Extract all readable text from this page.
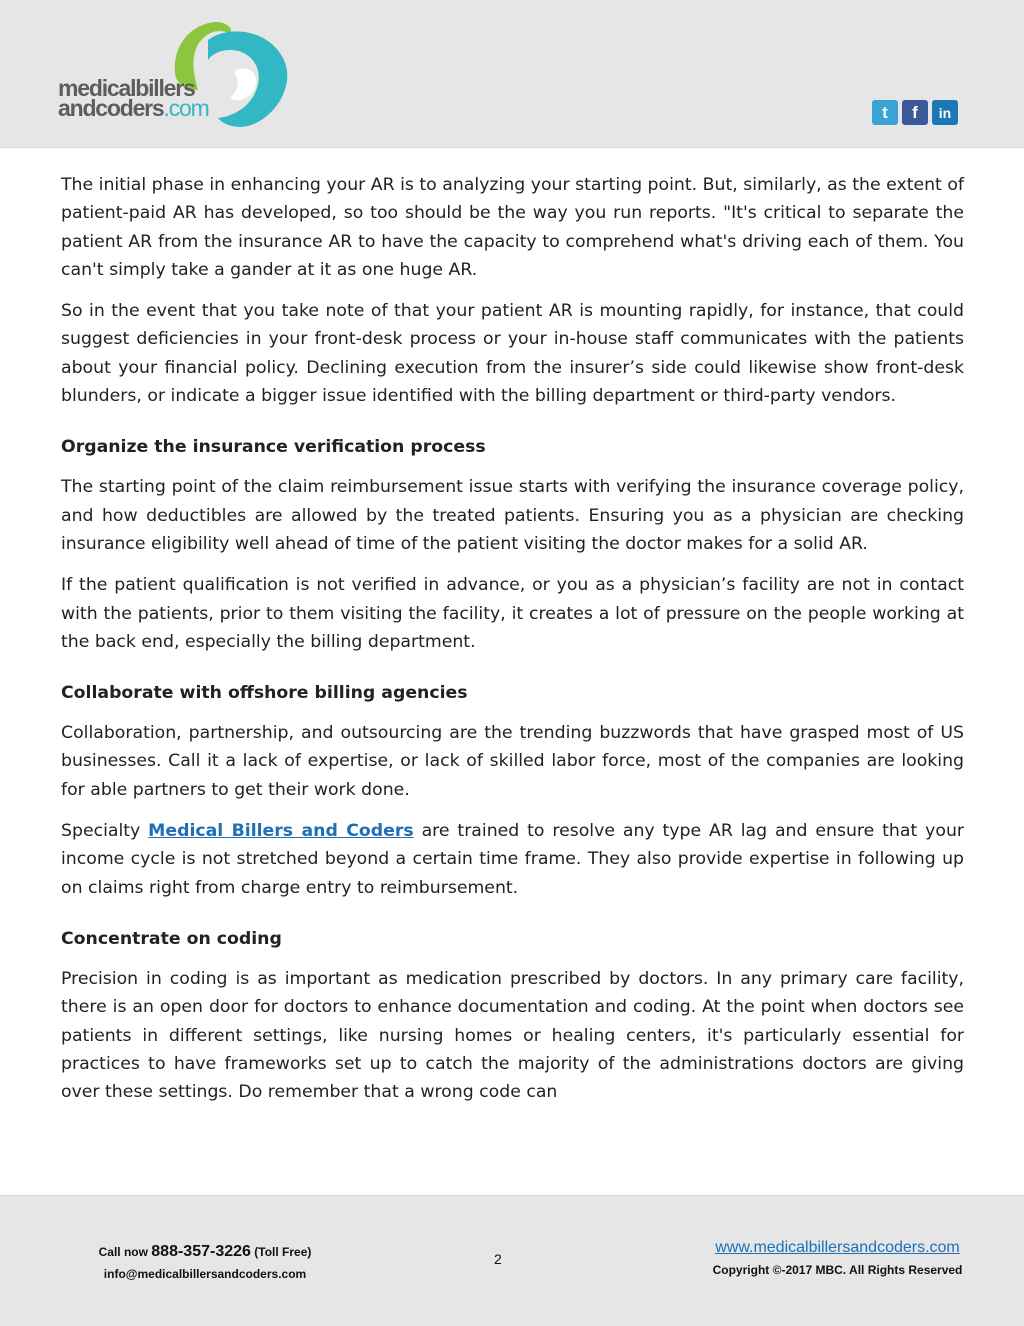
medicalbillers
andcoders.com	t	f	in

The initial phase in enhancing your AR is to analyzing your starting point. But, similarly, as the extent of patient-paid AR has developed, so too should be the way you run reports. "It's critical to separate the patient AR from the insurance AR to have the capacity to comprehend what's driving each of them. You can't simply take a gander at it as one huge AR.

So in the event that you take note of that your patient AR is mounting rapidly, for instance, that could suggest deficiencies in your front-desk process or your in-house staff communicates with the patients about your financial policy. Declining execution from the insurer’s side could likewise show front-desk blunders, or indicate a bigger issue identified with the billing department or third-party vendors.

Organize the insurance verification process

The starting point of the claim reimbursement issue starts with verifying the insurance coverage policy, and how deductibles are allowed by the treated patients. Ensuring you as a physician are checking insurance eligibility well ahead of time of the patient visiting the doctor makes for a solid AR.

If the patient qualification is not verified in advance, or you as a physician’s facility are not in contact with the patients, prior to them visiting the facility, it creates a lot of pressure on the people working at the back end, especially the billing department.

Collaborate with offshore billing agencies

Collaboration, partnership, and outsourcing are the trending buzzwords that have grasped most of US businesses. Call it a lack of expertise, or lack of skilled labor force, most of the companies are looking for able partners to get their work done.

Specialty Medical Billers and Coders are trained to resolve any type AR lag and ensure that your income cycle is not stretched beyond a certain time frame. They also provide expertise in following up on claims right from charge entry to reimbursement.

Concentrate on coding

Precision in coding is as important as medication prescribed by doctors. In any primary care facility, there is an open door for doctors to enhance documentation and coding. At the point when doctors see patients in different settings, like nursing homes or healing centers, it's particularly essential for practices to have frameworks set up to catch the majority of the administrations doctors are giving over these settings. Do remember that a wrong code can

Call now 888-357-3226 (Toll Free)
info@medicalbillersandcoders.com
2
www.medicalbillersandcoders.com
Copyright ©-2017 MBC. All Rights Reserved
